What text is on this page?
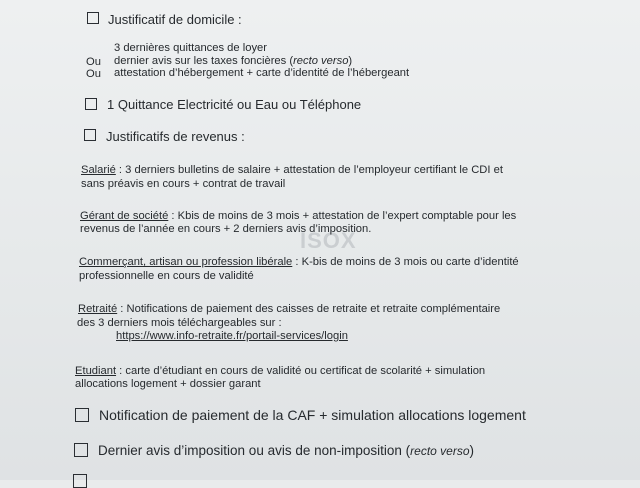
ISOX
Justificatif de domicile :
3 dernières quittances de loyer
Ou dernier avis sur les taxes foncières (recto verso)
Ou attestation d’hébergement + carte d’identité de l’hébergeant
1 Quittance Electricité ou Eau ou Téléphone
Justificatifs de revenus :
Salarié : 3 derniers bulletins de salaire + attestation de l’employeur certifiant le CDI et
sans préavis en cours + contrat de travail
Gérant de société : Kbis de moins de 3 mois + attestation de l’expert comptable pour les
revenus de l’année en cours + 2 derniers avis d’imposition.
Commerçant, artisan ou profession libérale : K-bis de moins de 3 mois ou carte d’identité
professionnelle en cours de validité
Retraité : Notifications de paiement des caisses de retraite et retraite complémentaire
des 3 derniers mois téléchargeables sur :
https://www.info-retraite.fr/portail-services/login
Etudiant : carte d’étudiant en cours de validité ou certificat de scolarité + simulation
allocations logement + dossier garant
Notification de paiement de la CAF + simulation allocations logement
Dernier avis d’imposition ou avis de non-imposition (recto verso)
